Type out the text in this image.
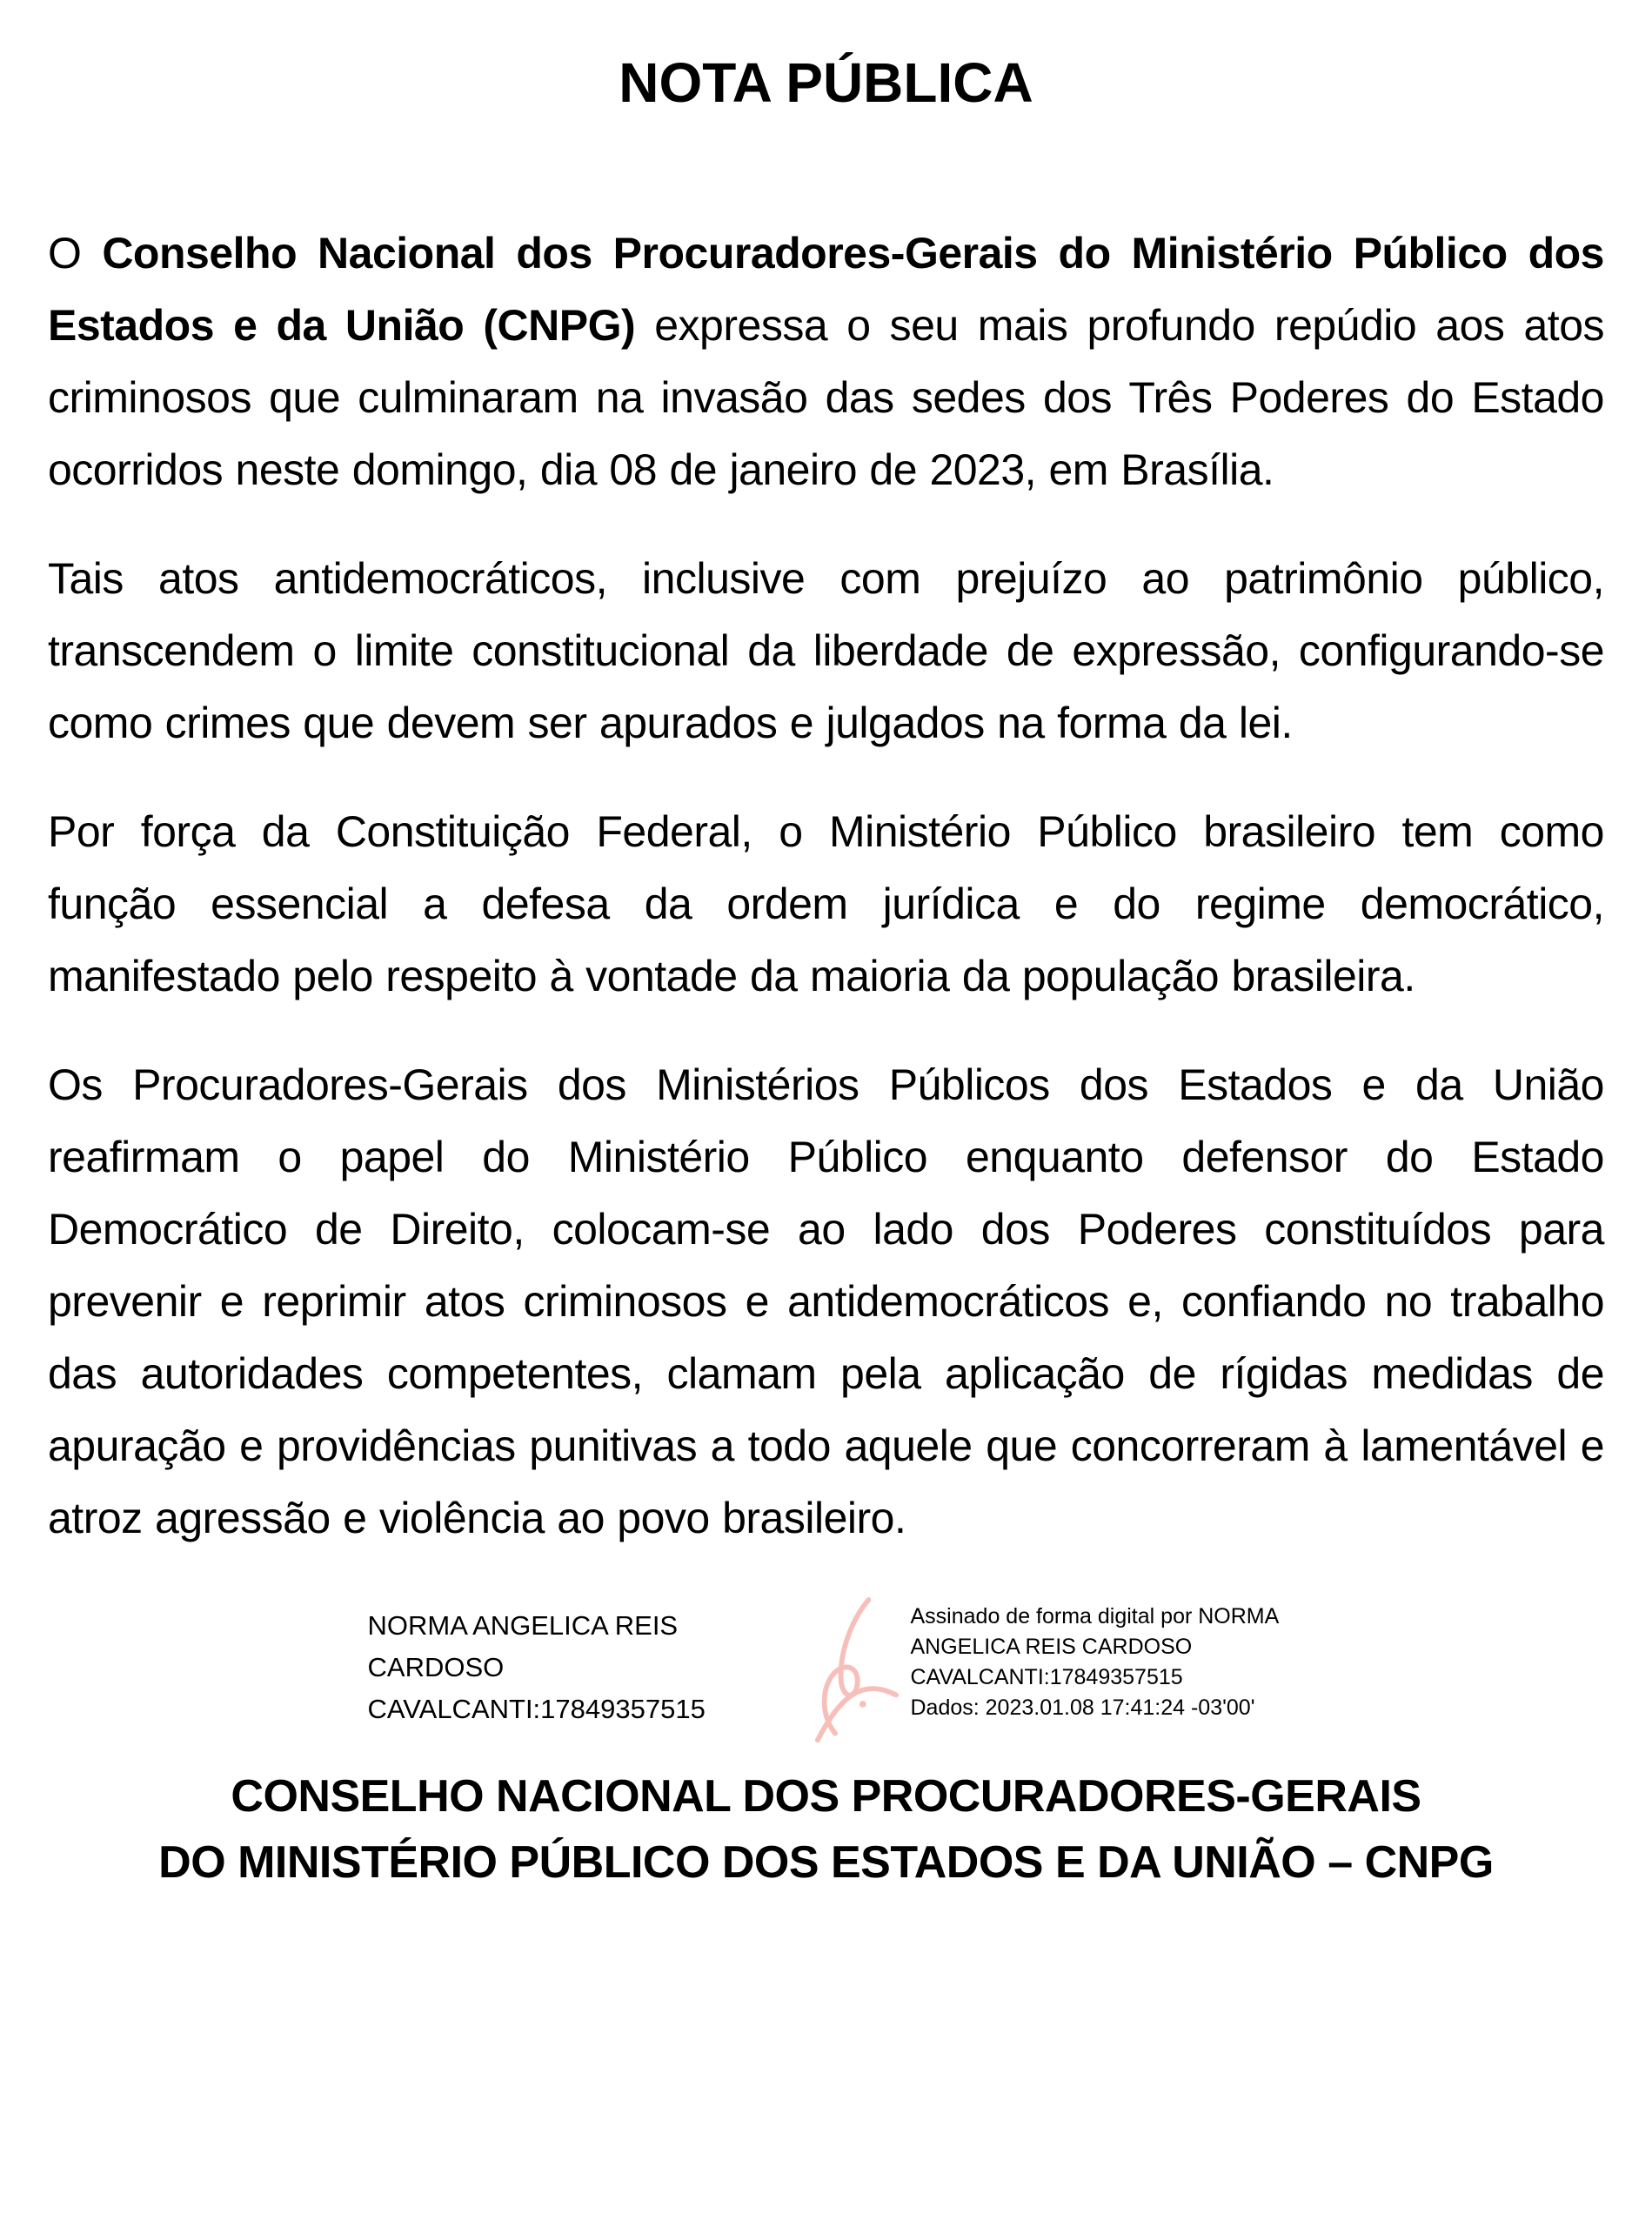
NOTA PÚBLICA

O Conselho Nacional dos Procuradores-Gerais do Ministério Público dos Estados e da União (CNPG) expressa o seu mais profundo repúdio aos atos criminosos que culminaram na invasão das sedes dos Três Poderes do Estado ocorridos neste domingo, dia 08 de janeiro de 2023, em Brasília.

Tais atos antidemocráticos, inclusive com prejuízo ao patrimônio público, transcendem o limite constitucional da liberdade de expressão, configurando-se como crimes que devem ser apurados e julgados na forma da lei.

Por força da Constituição Federal, o Ministério Público brasileiro tem como função essencial a defesa da ordem jurídica e do regime democrático, manifestado pelo respeito à vontade da maioria da população brasileira.

Os Procuradores-Gerais dos Ministérios Públicos dos Estados e da União reafirmam o papel do Ministério Público enquanto defensor do Estado Democrático de Direito, colocam-se ao lado dos Poderes constituídos para prevenir e reprimir atos criminosos e antidemocráticos e, confiando no trabalho das autoridades competentes, clamam pela aplicação de rígidas medidas de apuração e providências punitivas a todo aquele que concorreram à lamentável e atroz agressão e violência ao povo brasileiro.

NORMA ANGELICA REIS
CARDOSO
CAVALCANTI:17849357515
Assinado de forma digital por NORMA
ANGELICA REIS CARDOSO
CAVALCANTI:17849357515
Dados: 2023.01.08 17:41:24 -03'00'
CONSELHO NACIONAL DOS PROCURADORES-GERAIS
DO MINISTÉRIO PÚBLICO DOS ESTADOS E DA UNIÃO – CNPG
